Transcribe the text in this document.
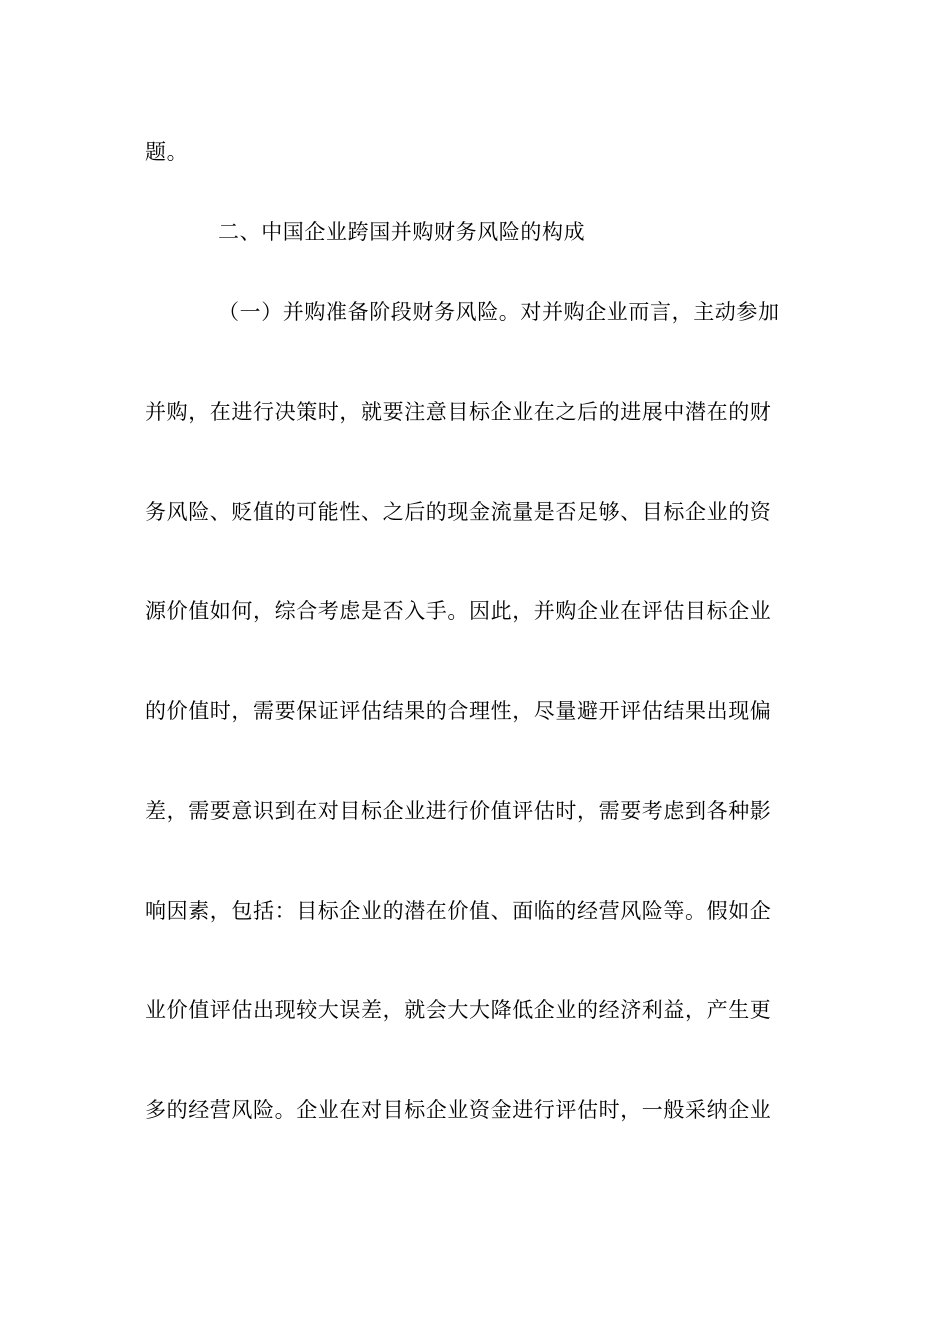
题。
二、中国企业跨国并购财务风险的构成
（一）并购准备阶段财务风险。对并购企业而言，主动参加
并购，在进行决策时，就要注意目标企业在之后的进展中潜在的财
务风险、贬值的可能性、之后的现金流量是否足够、目标企业的资
源价值如何，综合考虑是否入手。因此，并购企业在评估目标企业
的价值时，需要保证评估结果的合理性，尽量避开评估结果出现偏
差，需要意识到在对目标企业进行价值评估时，需要考虑到各种影
响因素，包括：目标企业的潜在价值、面临的经营风险等。假如企
业价值评估出现较大误差，就会大大降低企业的经济利益，产生更
多的经营风险。企业在对目标企业资金进行评估时，一般采纳企业
